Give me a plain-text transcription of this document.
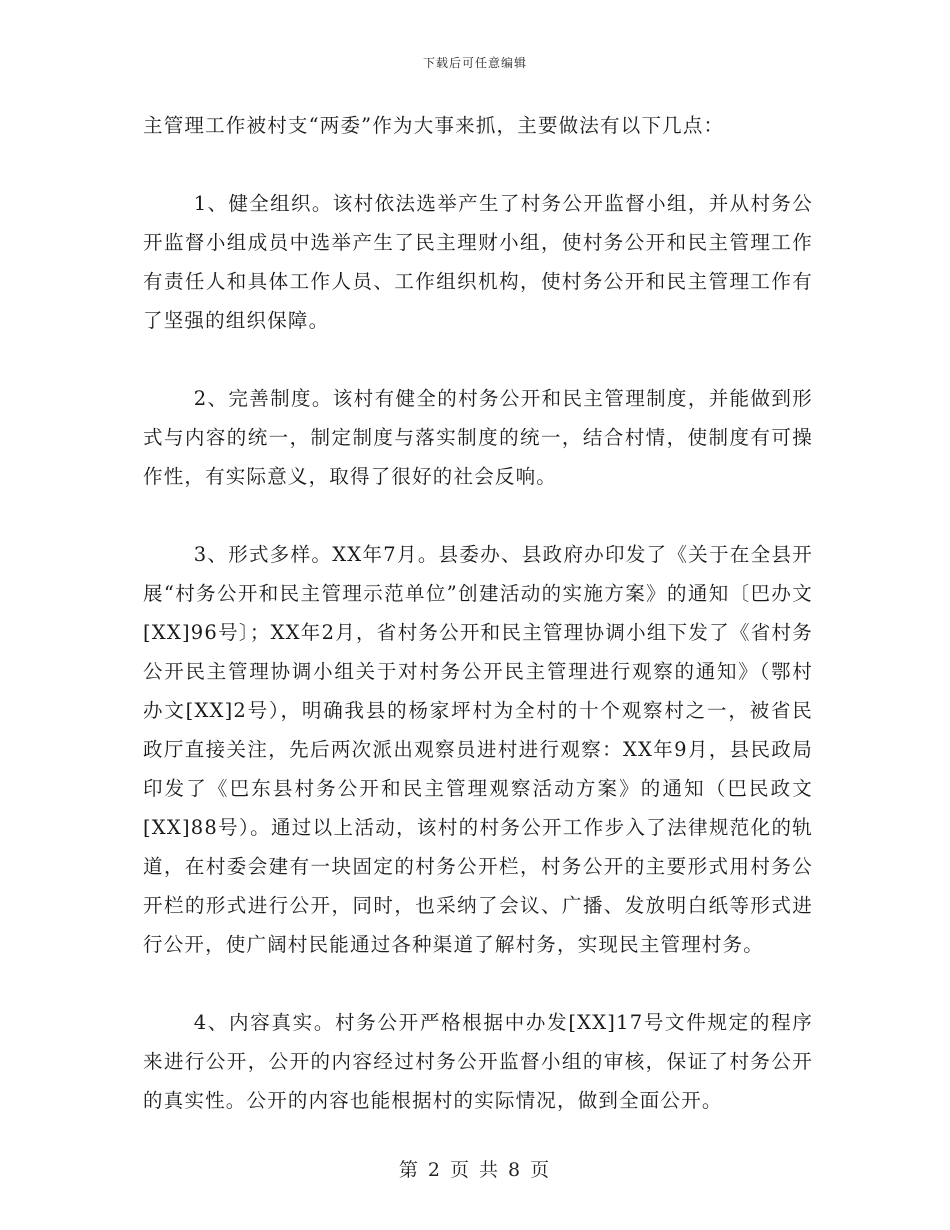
下载后可任意编辑

主管理工作被村支“两委”作为大事来抓，主要做法有以下几点：

1、健全组织。该村依法选举产生了村务公开监督小组，并从村务公开监督小组成员中选举产生了民主理财小组，使村务公开和民主管理工作有责任人和具体工作人员、工作组织机构，使村务公开和民主管理工作有了坚强的组织保障。

2、完善制度。该村有健全的村务公开和民主管理制度，并能做到形式与内容的统一，制定制度与落实制度的统一，结合村情，使制度有可操作性，有实际意义，取得了很好的社会反响。

3、形式多样。XX年7月。县委办、县政府办印发了《关于在全县开展“村务公开和民主管理示范单位”创建活动的实施方案》的通知〔巴办文[XX]96号〕；XX年2月，省村务公开和民主管理协调小组下发了《省村务公开民主管理协调小组关于对村务公开民主管理进行观察的通知》（鄂村办文[XX]2号），明确我县的杨家坪村为全村的十个观察村之一，被省民政厅直接关注，先后两次派出观察员进村进行观察：XX年9月，县民政局印发了《巴东县村务公开和民主管理观察活动方案》的通知（巴民政文[XX]88号）。通过以上活动，该村的村务公开工作步入了法律规范化的轨道，在村委会建有一块固定的村务公开栏，村务公开的主要形式用村务公开栏的形式进行公开，同时，也采纳了会议、广播、发放明白纸等形式进行公开，使广阔村民能通过各种渠道了解村务，实现民主管理村务。

4、内容真实。村务公开严格根据中办发[XX]17号文件规定的程序来进行公开，公开的内容经过村务公开监督小组的审核，保证了村务公开的真实性。公开的内容也能根据村的实际情况，做到全面公开。

第 2 页 共 8 页
